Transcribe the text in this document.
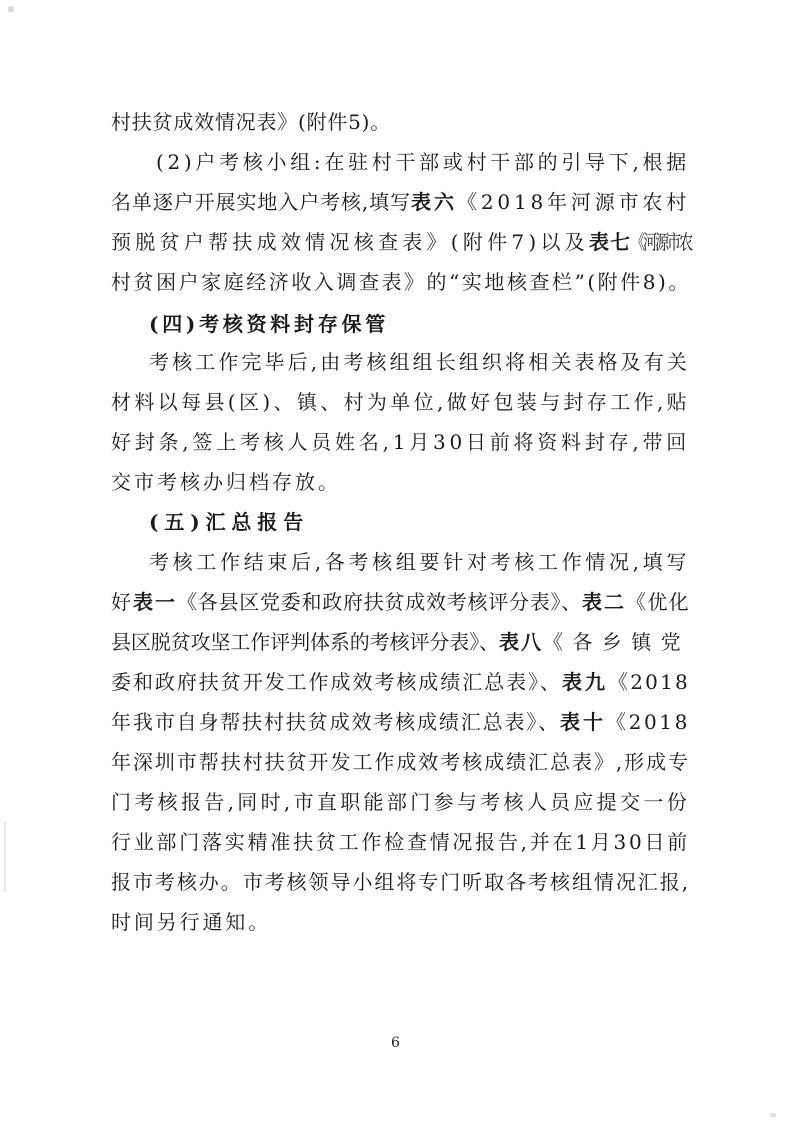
村扶贫成效情况表》(附件5)。
(2)户考核小组:在驻村干部或村干部的引导下,根据
名单逐户开展实地入户考核,填写 表六 《2018年河源市农村
预脱贫户帮扶成效情况核查表》(附件7)以及 表七 《河源市农
村贫困户家庭经济收入调查表》的“实地核查栏”(附件8)。
(四)考核资料封存保管
考核工作完毕后,由考核组组长组织将相关表格及有关
材料以每县(区)、镇、村为单位,做好包装与封存工作,贴
好封条,签上考核人员姓名,1月30日前将资料封存,带回
交市考核办归档存放。
(五)汇总报告
考核工作结束后,各考核组要针对考核工作情况,填写
好 表一 《各县区党委和政府扶贫成效考核评分表》、 表二 《优化
县区脱贫攻坚工作评判体系的考核评分表》、 表八 《各乡镇党
委和政府扶贫开发工作成效考核成绩汇总表》、 表九 《2018
年我市自身帮扶村扶贫成效考核成绩汇总表》、 表十 《2018
年深圳市帮扶村扶贫开发工作成效考核成绩汇总表》,形成专
门考核报告,同时,市直职能部门参与考核人员应提交一份
行业部门落实精准扶贫工作检查情况报告,并在1月30日前
报市考核办。市考核领导小组将专门听取各考核组情况汇报,
时间另行通知。
6
